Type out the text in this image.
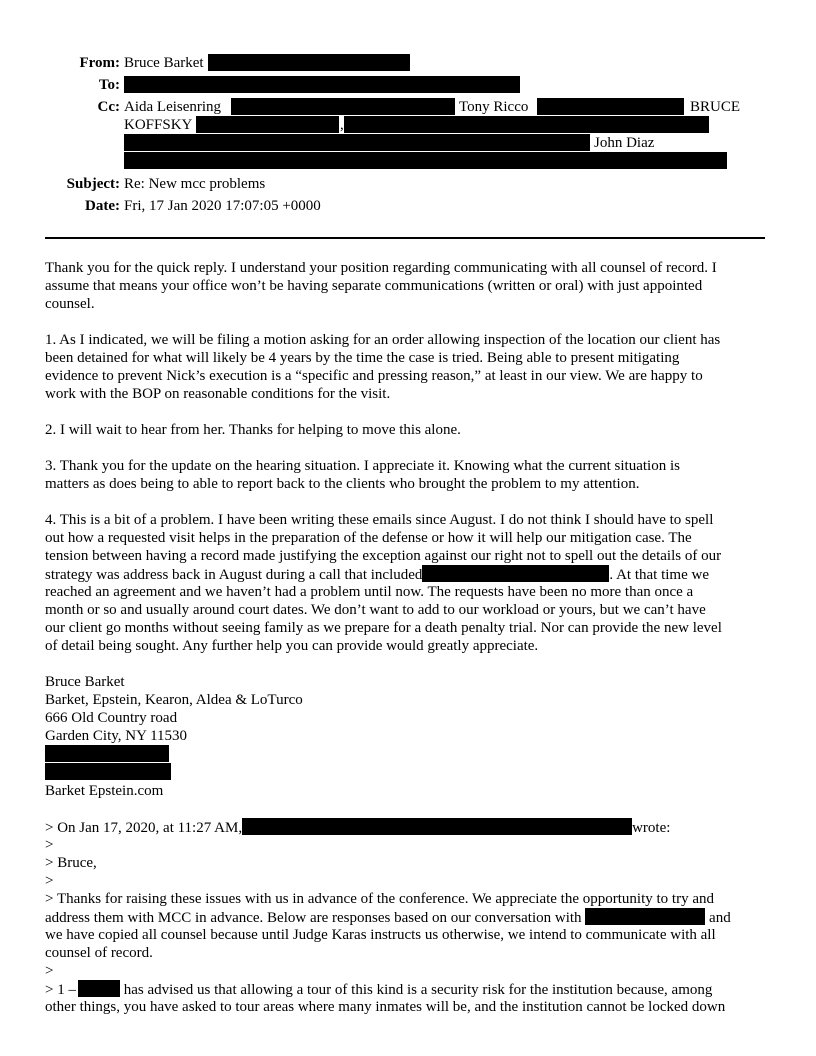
From: Bruce Barket
To:
Cc: Aida Leisenring	Tony Ricco	BRUCE
KOFFSKY	,
John Diaz
Subject: Re: New mcc problems
Date: Fri, 17 Jan 2020 17:07:05 +0000
Thank you for the quick reply. I understand your position regarding communicating with all counsel of record. I
assume that means your office won’t be having separate communications (written or oral) with just appointed
counsel.
1. As I indicated, we will be filing a motion asking for an order allowing inspection of the location our client has
been detained for what will likely be 4 years by the time the case is tried. Being able to present mitigating
evidence to prevent Nick’s execution is a “specific and pressing reason,” at least in our view. We are happy to
work with the BOP on reasonable conditions for the visit.
2. I will wait to hear from her. Thanks for helping to move this alone.
3. Thank you for the update on the hearing situation. I appreciate it. Knowing what the current situation is
matters as does being to able to report back to the clients who brought the problem to my attention.
4. This is a bit of a problem. I have been writing these emails since August. I do not think I should have to spell
out how a requested visit helps in the preparation of the defense or how it will help our mitigation case. The
tension between having a record made justifying the exception against our right not to spell out the details of our
strategy was address back in August during a call that included	. At that time we
reached an agreement and we haven’t had a problem until now. The requests have been no more than once a
month or so and usually around court dates. We don’t want to add to our workload or yours, but we can’t have
our client go months without seeing family as we prepare for a death penalty trial. Nor can provide the new level
of detail being sought. Any further help you can provide would greatly appreciate.
Bruce Barket
Barket, Epstein, Kearon, Aldea & LoTurco
666 Old Country road
Garden City, NY 11530
Barket Epstein.com
> On Jan 17, 2020, at 11:27 AM,	wrote:
>
> Bruce,
>
> Thanks for raising these issues with us in advance of the conference. We appreciate the opportunity to try and
address them with MCC in advance. Below are responses based on our conversation with	and
we have copied all counsel because until Judge Karas instructs us otherwise, we intend to communicate with all
counsel of record.
>
> 1 –	has advised us that allowing a tour of this kind is a security risk for the institution because, among
other things, you have asked to tour areas where many inmates will be, and the institution cannot be locked down
